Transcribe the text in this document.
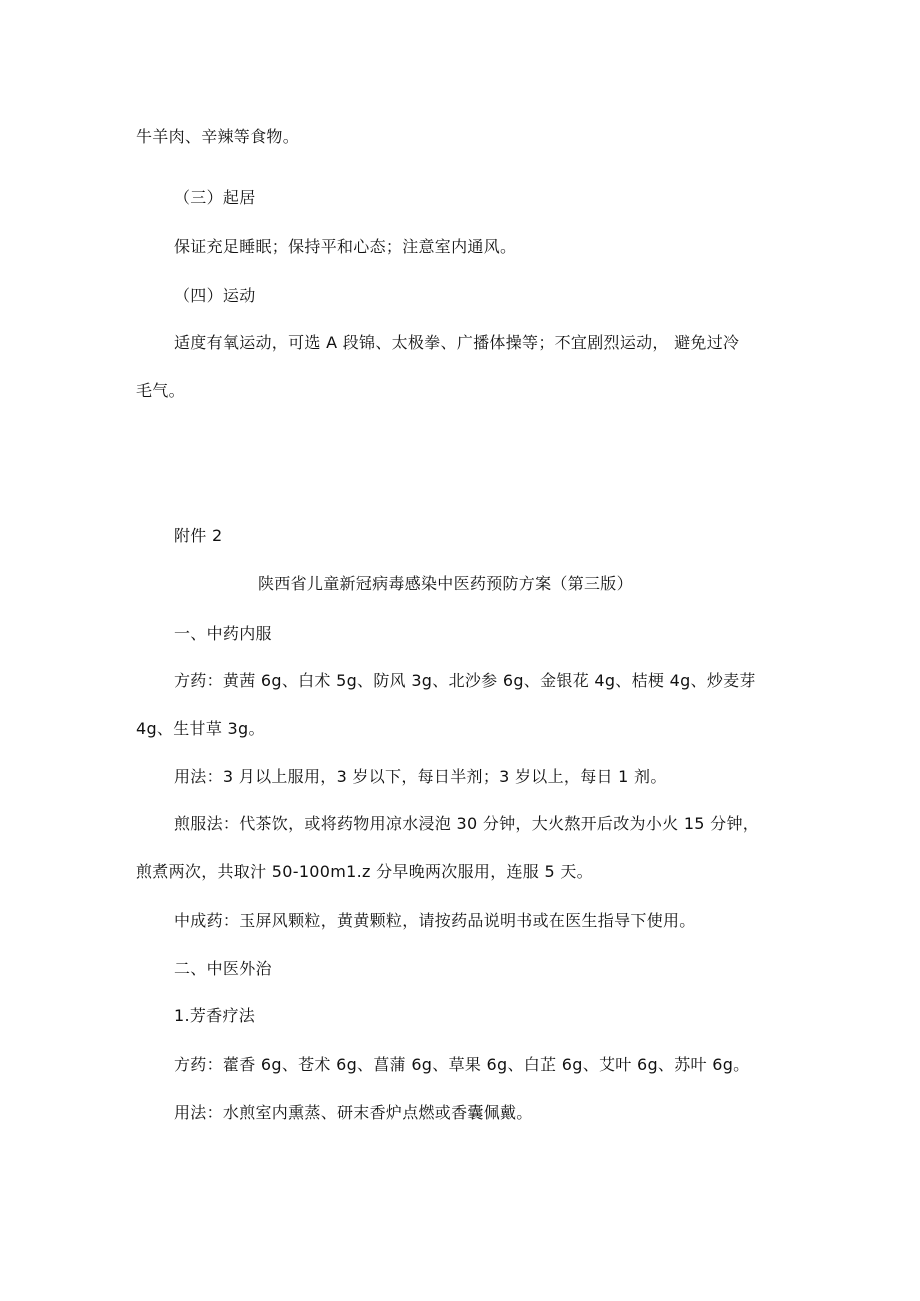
牛羊肉、辛辣等食物。
（三）起居
保证充足睡眠；保持平和心态；注意室内通风。
（四）运动
适度有氧运动，可选 A 段锦、太极拳、广播体操等；不宜剧烈运动， 避免过冷
毛气。
附件 2
陕西省儿童新冠病毒感染中医药预防方案（第三版）
一、中药内服
方药：黄茜 6g、白术 5g、防风 3g、北沙参 6g、金银花 4g、桔梗 4g、炒麦芽
4g、生甘草 3g。
用法：3 月以上服用，3 岁以下，每日半剂；3 岁以上，每日 1 剂。
煎服法：代茶饮，或将药物用凉水浸泡 30 分钟，大火熬开后改为小火 15 分钟，
煎煮两次，共取汁 50-100m1.z 分早晚两次服用，连服 5 天。
中成药：玉屏风颗粒，黄黄颗粒，请按药品说明书或在医生指导下使用。
二、中医外治
1.芳香疗法
方药：藿香 6g、苍术 6g、菖蒲 6g、草果 6g、白芷 6g、艾叶 6g、苏叶 6g。
用法：水煎室内熏蒸、研末香炉点燃或香囊佩戴。
